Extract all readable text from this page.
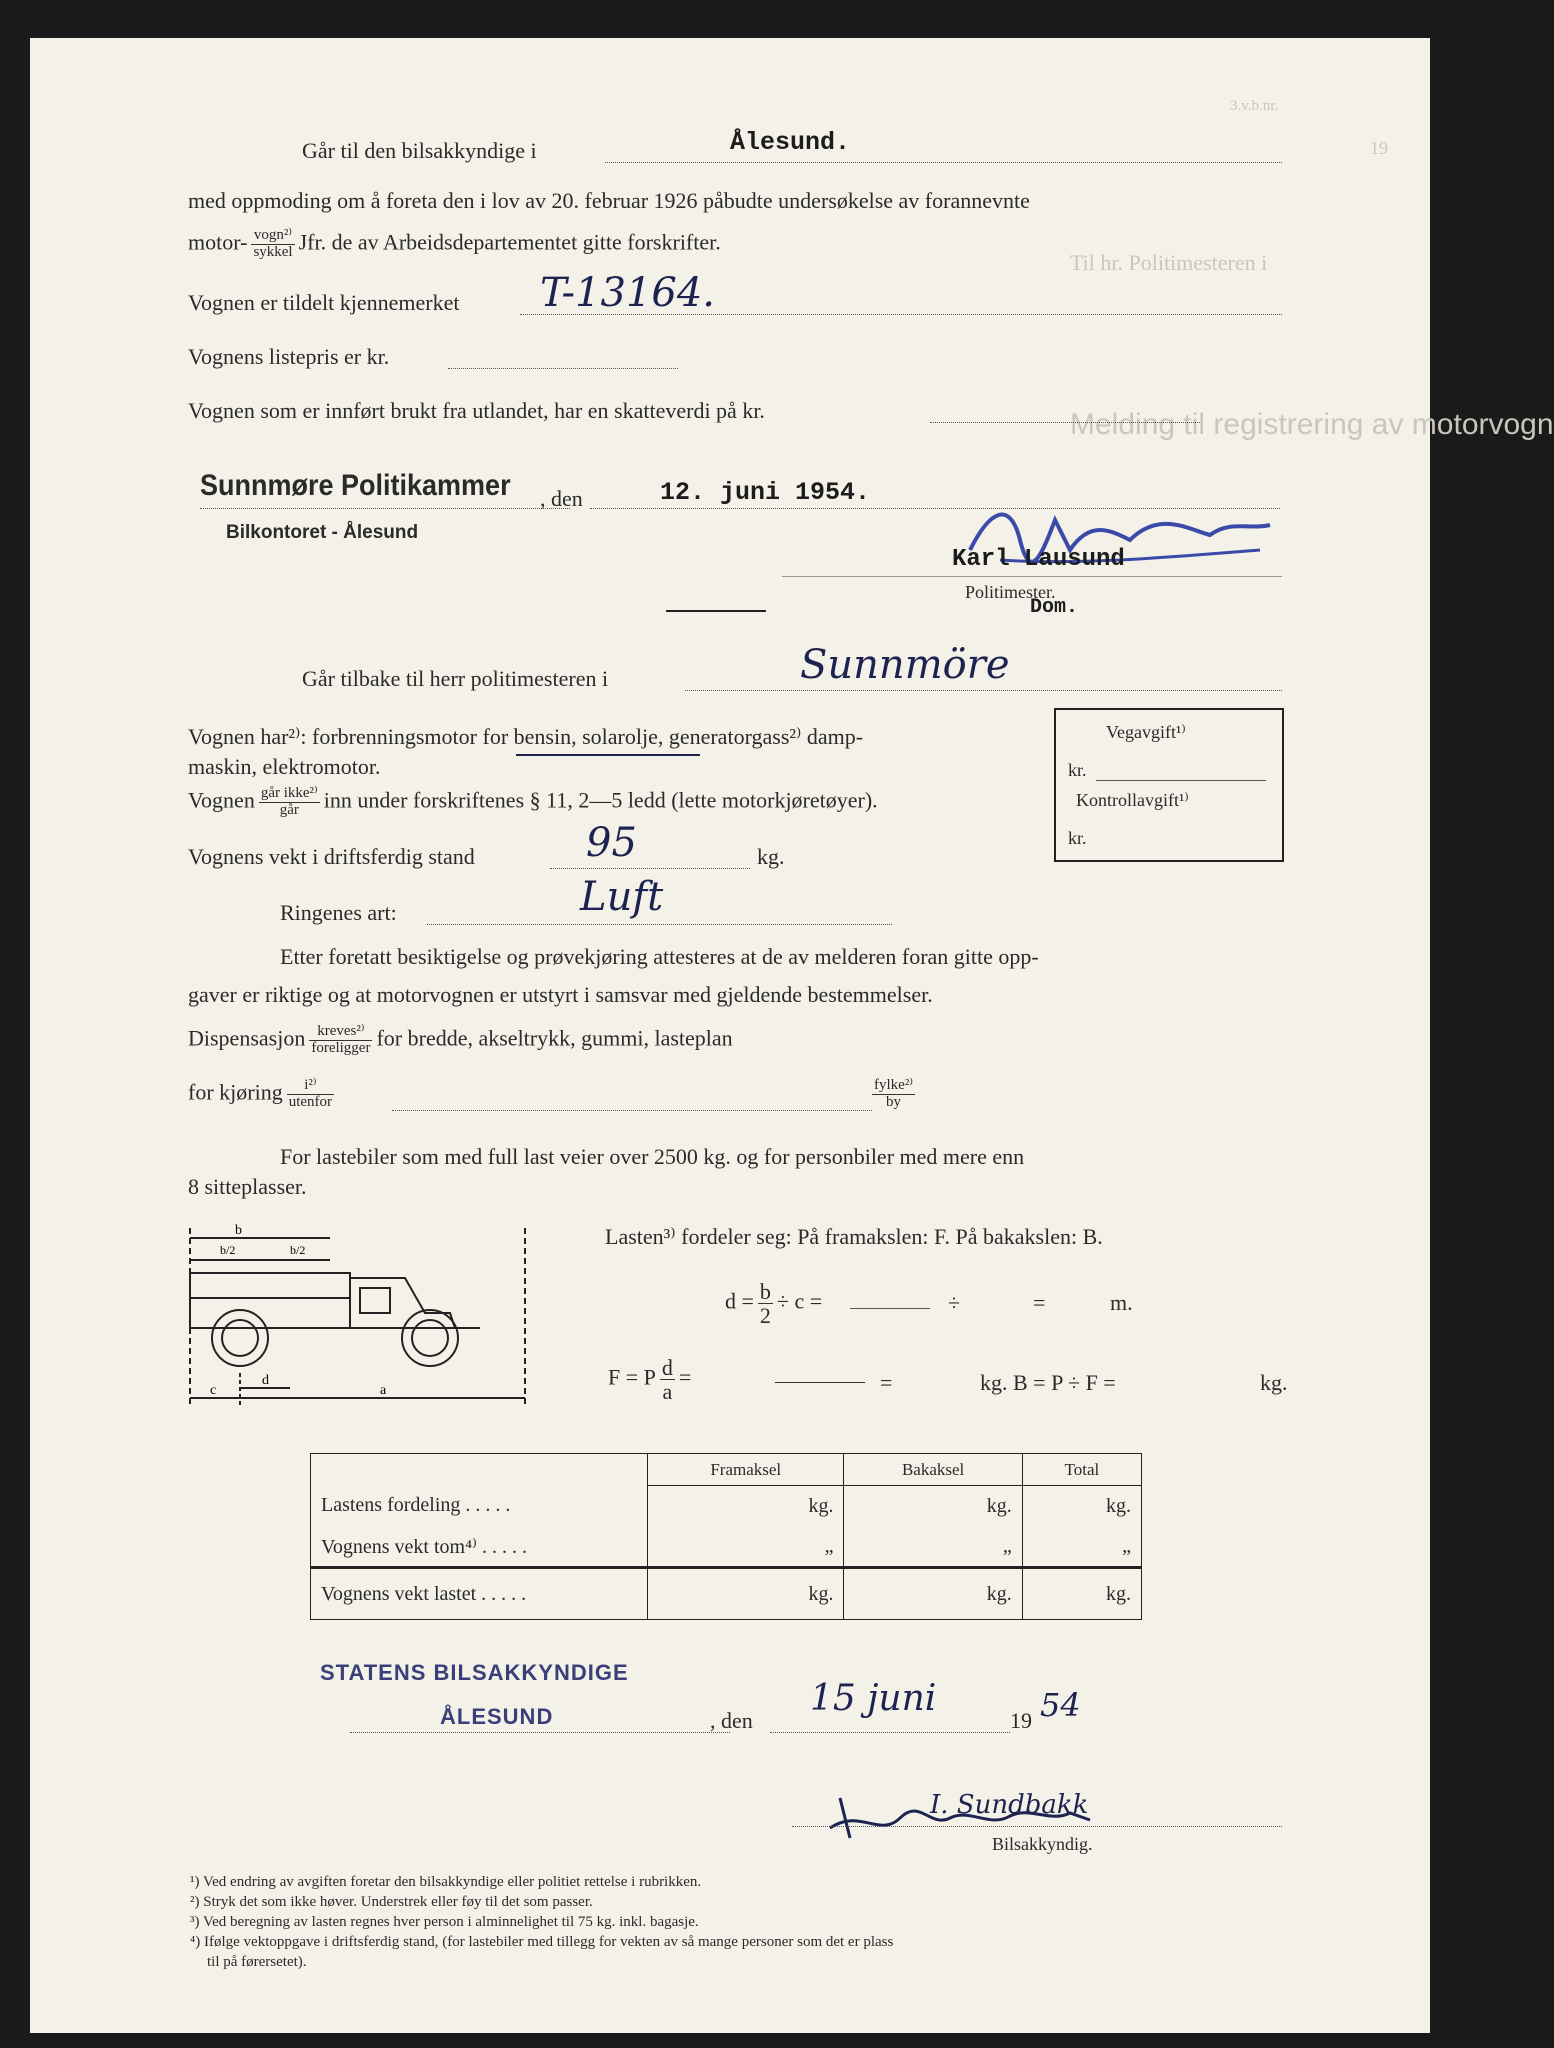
Melding til registrering av motorvogn
Til hr. Politimesteren i
3.v.b.nr.
19
Går til den bilsakkyndige i	Ålesund.
med oppmoding om å foreta den i lov av 20. februar 1926 påbudte undersøkelse av forannevnte
motor- $\frac{\text{vogn²⁾}}{\text{sykkel}}$ Jfr. de av Arbeidsdepartementet gitte forskrifter.
Vognen er tildelt kjennemerket T-13164.
Vognens listepris er kr.
Vognen som er innført brukt fra utlandet, har en skatteverdi på kr.
Sunnmøre Politikammer , den	12. juni 1954.
Bilkontoret - Ålesund
Karl Lausund
Politimester.
Dom.
Går tilbake til herr politimesteren i	Sunnmöre
Vognen har²⁾: forbrenningsmotor for bensin, solarolje, generatorgass²⁾ damp-
maskin, elektromotor.
Vegavgift¹⁾
kr.
Kontrollavgift¹⁾
kr.
Vognen $\frac{\text{går ikke²⁾}}{\text{går}}$ inn under forskriftenes § 11, 2—5 ledd (lette motorkjøretøyer).
Vognens vekt i driftsferdig stand	95	kg.
Ringenes art:	Luft
Etter foretatt besiktigelse og prøvekjøring attesteres at de av melderen foran gitte opp-
gaver er riktige og at motorvognen er utstyrt i samsvar med gjeldende bestemmelser.
Dispensasjon $\frac{\text{kreves²⁾}}{\text{foreligger}}$ for bredde, akseltrykk, gummi, lasteplan
for kjøring $\frac{\text{i²⁾}}{\text{utenfor}}$	$\frac{\text{fylke²⁾}}{by}$
For lastebiler som med full last veier over 2500 kg. og for personbiler med mere enn
8 sitteplasser.
b
b/2	b/2
c
d
a
Lasten³⁾ fordeler seg: På framakslen: F. På bakakslen: B.
$d = \frac{b}{2} \div c$ =	÷	=	m.
F = P $\frac{d}{a}$ =	=	kg. B = P ÷ F =	kg.
	Framaksel	Bakaksel	Total
Lastens fordeling . . . . .	kg.	kg.	kg.
Vognens vekt tom⁴⁾ . . . . .	„	„	„
Vognens vekt lastet . . . . .	kg.	kg.	kg.
STATENS BILSAKKYNDIGE
ÅLESUND	, den
15 juni
19 54
I. Sundbakk
Bilsakkyndig.
¹) Ved endring av avgiften foretar den bilsakkyndige eller politiet rettelse i rubrikken.
²) Stryk det som ikke høver. Understrek eller føy til det som passer.
³) Ved beregning av lasten regnes hver person i alminnelighet til 75 kg. inkl. bagasje.
⁴) Ifølge vektoppgave i driftsferdig stand, (for lastebiler med tillegg for vekten av så mange personer som det er plass
til på førersetet).
